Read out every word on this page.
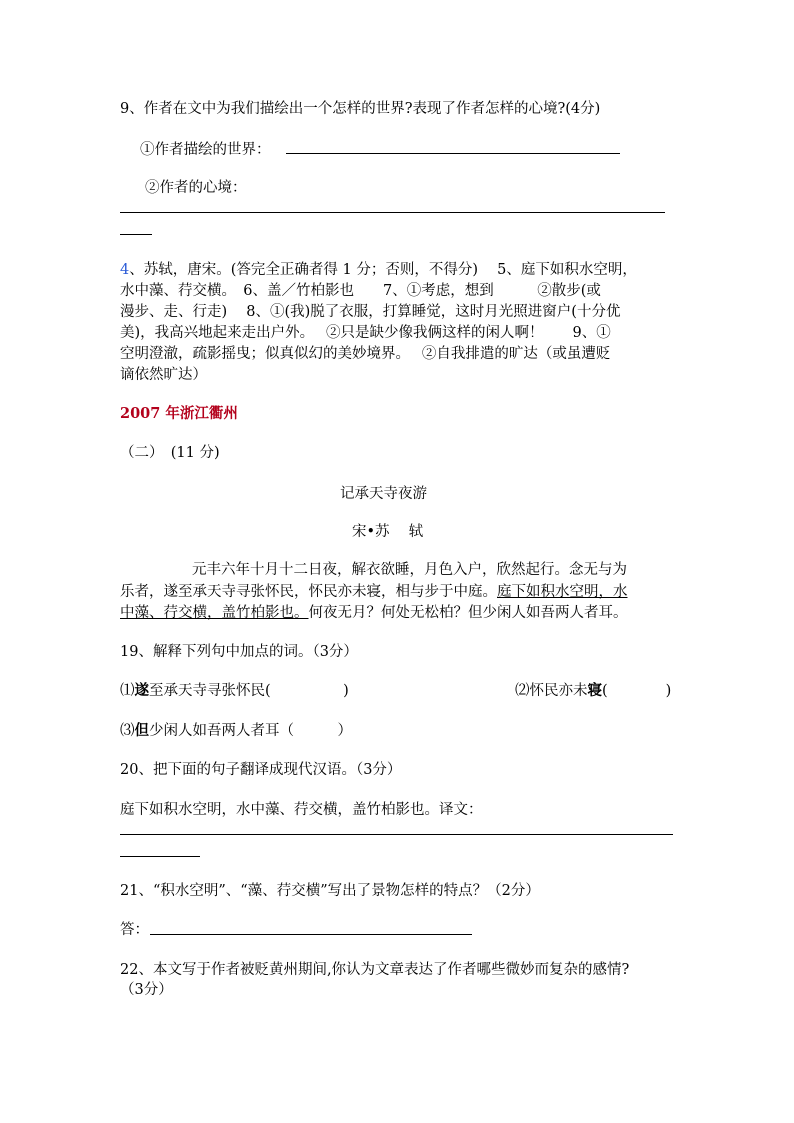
9、作者在文中为我们描绘出一个怎样的世界?表现了作者怎样的心境?(4分)
①作者描绘的世界：
②作者的心境：
4、苏轼，唐宋。(答完全正确者得 1 分；否则，不得分)　 5、庭下如积水空明，
水中藻、荇交横。　6、盖／竹柏影也　　7、①考虑，想到　　　②散步(或
漫步、走、行走)　 8、①(我)脱了衣服，打算睡觉，这时月光照进窗户(十分优
美)，我高兴地起来走出户外。　 ②只是缺少像我俩这样的闲人啊！　　9、①
空明澄澈，疏影摇曳；似真似幻的美妙境界。　 ②自我排遣的旷达（或虽遭贬
谪依然旷达）
2007 年浙江衢州
（二）　(11 分)
记承天寺夜游
宋•苏　 轼
元丰六年十月十二日夜，解衣欲睡，月色入户，欣然起行。念无与为
乐者，遂至承天寺寻张怀民，怀民亦未寝，相与步于中庭。庭下如积水空明，水
中藻、荇交横，盖竹柏影也。何夜无月？何处无松柏？但少闲人如吾两人者耳。
19、解释下列句中加点的词。（3分）
⑴遂至承天寺寻张怀民(　　　　　)	⑵怀民亦未寝(　　　　)
⑶但少闲人如吾两人者耳（　　　）
20、把下面的句子翻译成现代汉语。（3分）
庭下如积水空明，水中藻、荇交横，盖竹柏影也。译文：
21、“积水空明”、“藻、荇交横”写出了景物怎样的特点？（2分）
答：
22、本文写于作者被贬黄州期间,你认为文章表达了作者哪些微妙而复杂的感情?
（3分）
